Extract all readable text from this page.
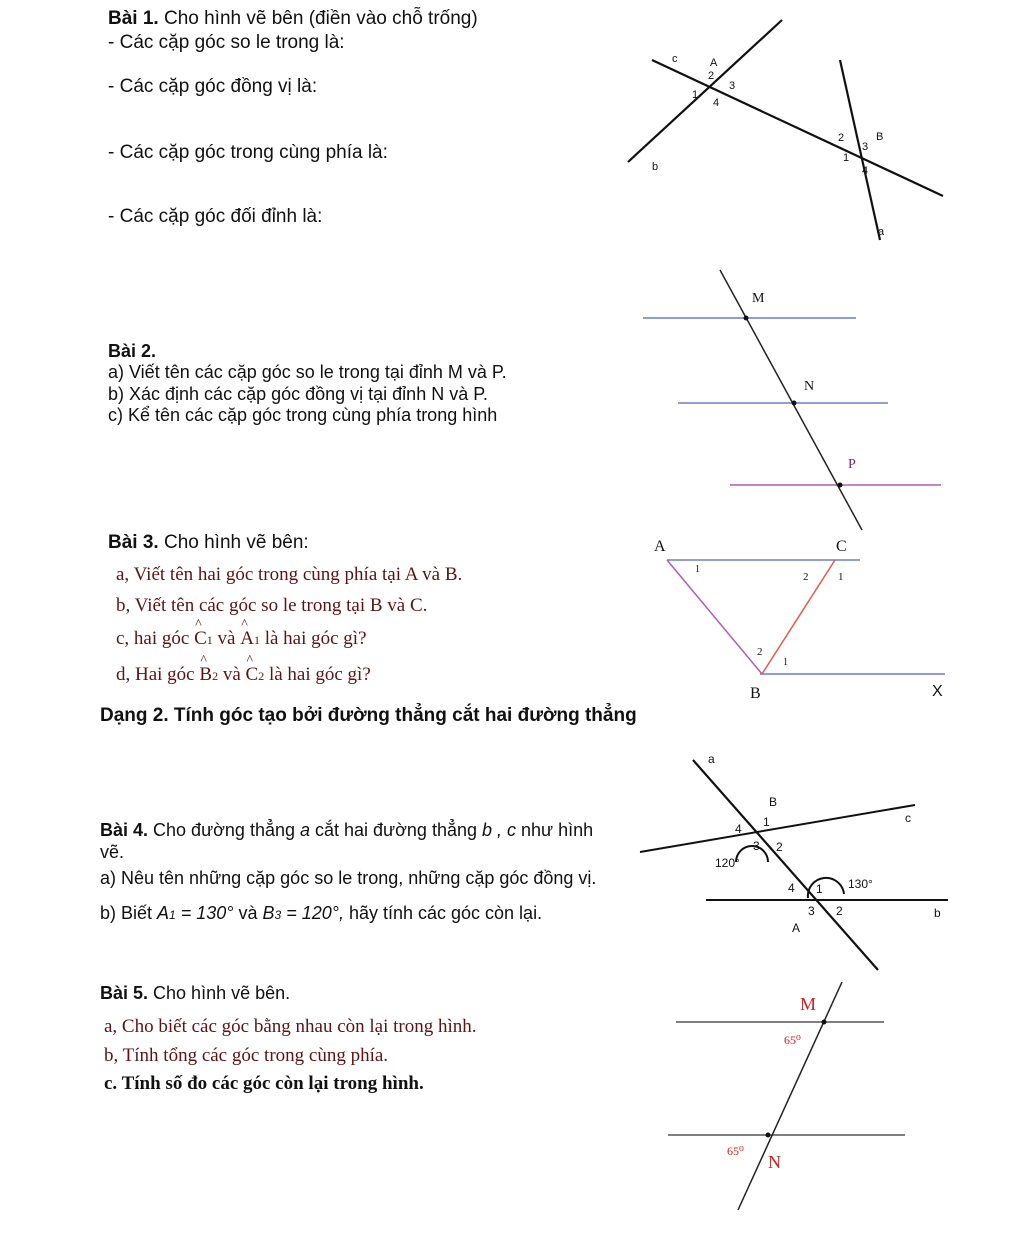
Bài 1. Cho hình vẽ bên (điền vào chỗ trống)
- Các cặp góc so le trong là:
- Các cặp góc đồng vị là:
- Các cặp góc trong cùng phía là:
- Các cặp góc đối đỉnh là:
Bài 2.
a) Viết tên các cặp góc so le trong tại đỉnh M và P.
b) Xác định các cặp góc đồng vị tại đỉnh N và P.
c) Kể tên các cặp góc trong cùng phía trong hình
Bài 3. Cho hình vẽ bên:
a, Viết tên hai góc trong cùng phía tại A và B.
b, Viết tên các góc so le trong tại B và C.
c, hai góc ^ C1 và ^ A1 là hai góc gì?
d, Hai góc ^ B2 và ^ C2 là hai góc gì?
Dạng 2. Tính góc tạo bởi đường thẳng cắt hai đường thẳng
Bài 4. Cho đường thẳng a cắt hai đường thẳng b , c như hình
vẽ.
a) Nêu tên những cặp góc so le trong, những cặp góc đồng vị.
b) Biết A1 = 130° và B3 = 120°, hãy tính các góc còn lại.
Bài 5. Cho hình vẽ bên.
a, Cho biết các góc bằng nhau còn lại trong hình.
b, Tính tổng các góc trong cùng phía.
c. Tính số đo các góc còn lại trong hình.
c	A
1
2
3
4
b
B
1
2
3
4
a
M
N
P
A	C
1
2	1
2
1
B	X
a
B
c
4 1
3 2
120°
4 1 130°
3 2
A
b
M
65⁰
65⁰
N
